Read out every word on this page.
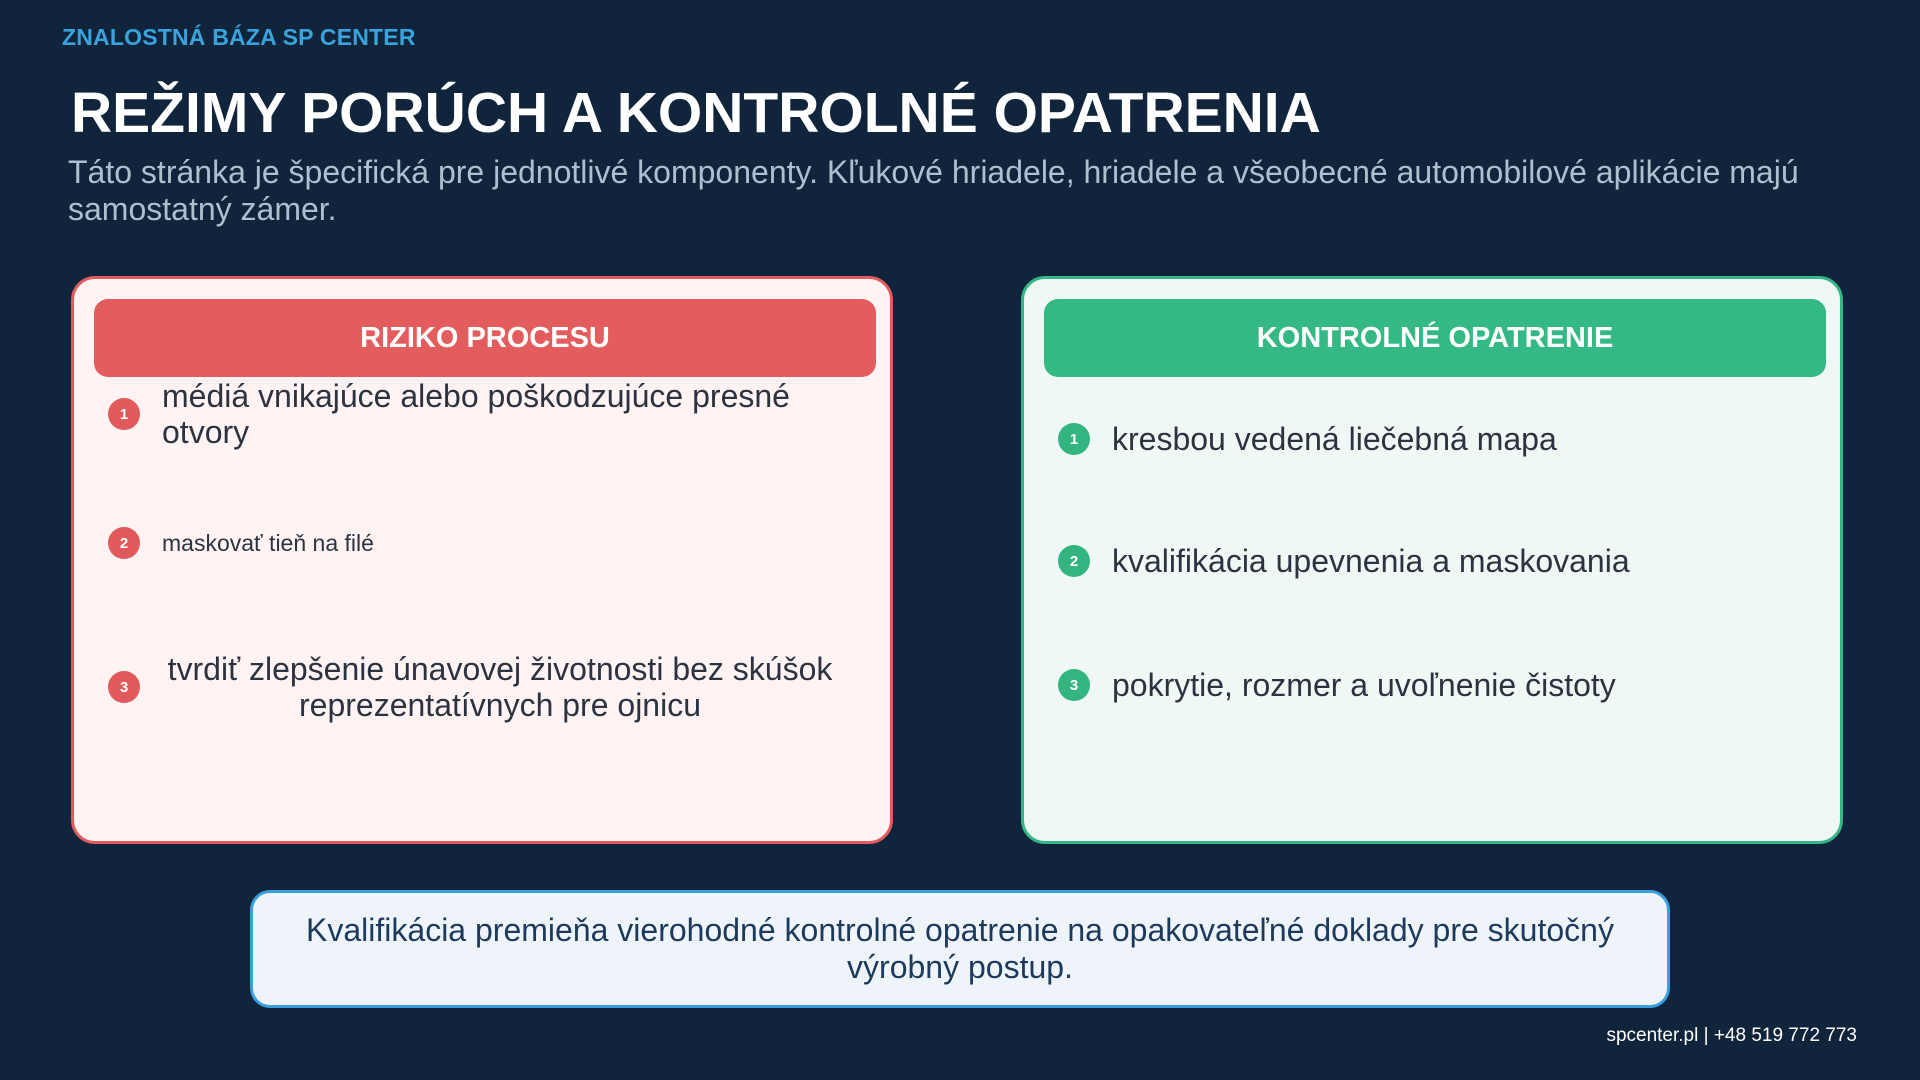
ZNALOSTNÁ BÁZA SP CENTER
REŽIMY PORÚCH A KONTROLNÉ OPATRENIA
Táto stránka je špecifická pre jednotlivé komponenty. Kľukové hriadele, hriadele a všeobecné automobilové aplikácie majú samostatný zámer.
RIZIKO PROCESU
1	médiá vnikajúce alebo poškodzujúce presné otvory
2	maskovať tieň na filé
3	tvrdiť zlepšenie únavovej životnosti bez skúšok reprezentatívnych pre ojnicu
KONTROLNÉ OPATRENIE
1	kresbou vedená liečebná mapa
2	kvalifikácia upevnenia a maskovania
3	pokrytie, rozmer a uvoľnenie čistoty
Kvalifikácia premieňa vierohodné kontrolné opatrenie na opakovateľné doklady pre skutočný výrobný postup.
spcenter.pl | +48 519 772 773
